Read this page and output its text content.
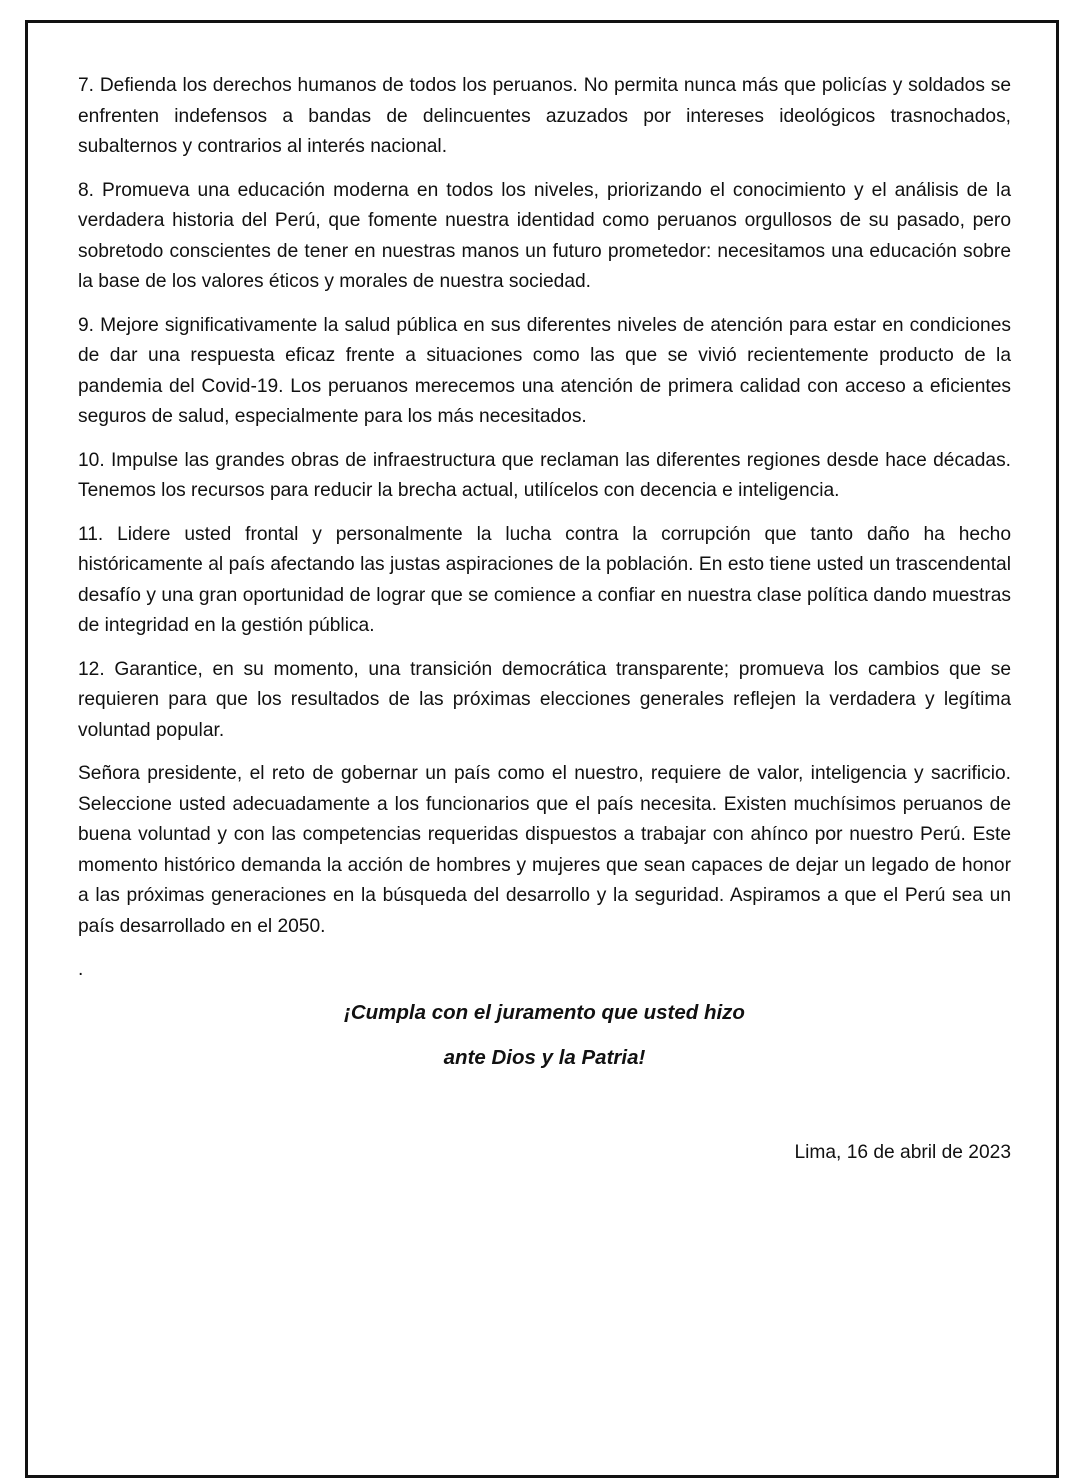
7. Defienda los derechos humanos de todos los peruanos. No permita nunca más que policías y soldados se enfrenten indefensos a bandas de delincuentes azuzados por intereses ideológicos trasnochados, subalternos y contrarios al interés nacional.

8. Promueva una educación moderna en todos los niveles, priorizando el conocimiento y el análisis de la verdadera historia del Perú, que fomente nuestra identidad como peruanos orgullosos de su pasado, pero sobretodo conscientes de tener en nuestras manos un futuro prometedor: necesitamos una educación sobre la base de los valores éticos y morales de nuestra sociedad.

9. Mejore significativamente la salud pública en sus diferentes niveles de atención para estar en condiciones de dar una respuesta eficaz frente a situaciones como las que se vivió recientemente producto de la pandemia del Covid-19. Los peruanos merecemos una atención de primera calidad con acceso a eficientes seguros de salud, especialmente para los más necesitados.

10. Impulse las grandes obras de infraestructura que reclaman las diferentes regiones desde hace décadas. Tenemos los recursos para reducir la brecha actual, utilícelos con decencia e inteligencia.

11. Lidere usted frontal y personalmente la lucha contra la corrupción que tanto daño ha hecho históricamente al país afectando las justas aspiraciones de la población. En esto tiene usted un trascendental desafío y una gran oportunidad de lograr que se comience a confiar en nuestra clase política dando muestras de integridad en la gestión pública.

12. Garantice, en su momento, una transición democrática transparente; promueva los cambios que se requieren para que los resultados de las próximas elecciones generales reflejen la verdadera y legítima voluntad popular.

Señora presidente, el reto de gobernar un país como el nuestro, requiere de valor, inteligencia y sacrificio. Seleccione usted adecuadamente a los funcionarios que el país necesita. Existen muchísimos peruanos de buena voluntad y con las competencias requeridas dispuestos a trabajar con ahínco por nuestro Perú. Este momento histórico demanda la acción de hombres y mujeres que sean capaces de dejar un legado de honor a las próximas generaciones en la búsqueda del desarrollo y la seguridad. Aspiramos a que el Perú sea un país desarrollado en el 2050.

.

¡Cumpla con el juramento que usted hizo

ante Dios y la Patria!

Lima, 16 de abril de 2023
